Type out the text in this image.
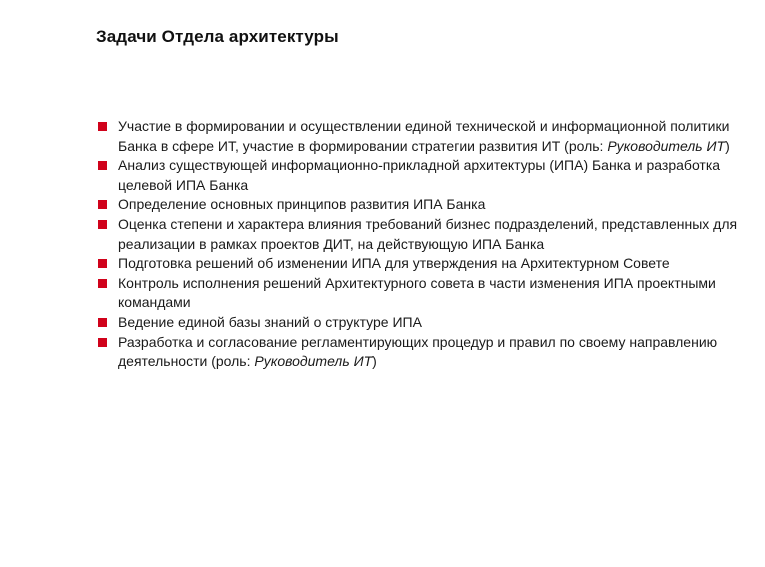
Задачи Отдела архитектуры
Участие в формировании и осуществлении единой технической и информационной политики Банка в сфере ИТ, участие в формировании стратегии развития ИТ (роль: Руководитель ИТ)
Анализ существующей информационно-прикладной архитектуры (ИПА) Банка и разработка целевой ИПА Банка
Определение основных принципов развития ИПА Банка
Оценка степени и характера влияния требований бизнес подразделений, представленных для реализации в рамках проектов ДИТ, на действующую ИПА Банка
Подготовка решений об изменении ИПА для утверждения на Архитектурном Совете
Контроль исполнения решений Архитектурного совета в части изменения ИПА проектными командами
Ведение единой базы знаний о структуре ИПА
Разработка и согласование регламентирующих процедур и правил по своему направлению деятельности (роль: Руководитель ИТ)
